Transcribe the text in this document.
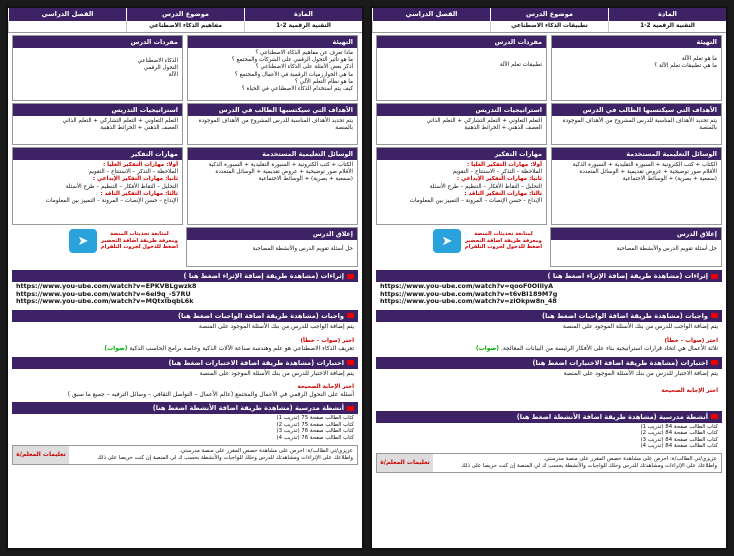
المادة
موضوع الدرس
الفصل الدراسي
التقنية الرقمية 2-1
مفاهيم الذكاء الاصطناعي
التهيئة
ماذا تعرف عن مفاهيم الذكاء الاصطناعي ؟
ما هو تأثير التحول الرقمي على الشركات والمجتمع ؟
أذكر بعض الأمثلة على الذكاء الاصطناعي ؟
ما هي الخوارزميات الرقمية في الأعمال والمجتمع ؟
ما هو نظام التعلم الآلي ؟
كيف يتم استخدام الذكاء الاصطناعي في الحياة ؟
مفردات الدرس
الذكاء الاصطناعي
التحول الرقمي
الآلة
الأهداف التي سيكتسبها الطالب في الدرس
يتم تحديد الأهداف المناسبة للدرس المشروح من الأهداف الموجودة بالمنصة
استراتيجيات التدريس
التعلم التعاوني + التعلم التشاركي + التعلم الذاتي
العصف الذهني + الخرائط الذهنية
الوسائل التعليمية المستخدمة
الكتاب + كتب الكترونية + السبورة التقليدية + السبورة الذكية
الأقلام صور توضيحية + عروض تقديمية + الوسائل المتعددة
(سمعية + بصرية) + الوسائط الاجتماعية
مهارات التفكير
أولا: مهارات التفكير العليا :
الملاحظة – التذكر – الاستنتاج – التقويم
ثانيا: مهارات التفكير الإبداعي :
التحليل – التقاط الأفكار – التنظيم – طرح الأسئلة
ثالثا: مهارات التفكير الناقد :
الإبداع – حسن الإنصات – المرونة – التمييز بين المعلومات
إغلاق الدرس
حل أسئلة تقويم الدرس والأنشطة المصاحبة
لمتابعة تحديثات المنصة
ومعرفة طريقة اضافة التحضير
اضغط للدخول لجروب التلقرام
➤
إثراءات (مشاهدة طريقة إضافة الإثراء اضغط هنا )
https://www.you-ube.com/watch?v=EPKVBLgwzk8
https://www.you-ube.com/watch?v=6ei9q_-S7RU
https://www.you-ube.com/watch?v=MQtxIbqbL6k
واجبات (مشاهدة طريقة اضافة الواجبات اضغط هنا)
يتم إضافة الواجب للدرس من بنك الأسئلة الموجود على المنصة
اختر (صواب – خطأ)
تعريف الذكاء الاصطناعي هو علم وهندسة صناعة الآلات الذكية وخاصة برامج الحاسب الذكية (صواب)
اختبارات (مشاهدة طريقة اضافة الاختبارات اضغط هنا)
يتم إضافة الاختبار للدرس من بنك الأسئلة الموجود على المنصة
اختر الإجابة الصحيحة
أسئلة على التحول الرقمي في الأعمال والمجتمع (عالم الأعمال – التواصل الثقافي – وسائل الترفيه – جميع ما سبق )
أنشطة مدرسية (مشاهدة طريقة اضافة الأنشطة اضغط هنا)
كتاب الطالب صفحة 75 (تدريب 1)
كتاب الطالب صفحة 75 (تدريب 2)
كتاب الطالب صفحة 76 (تدريب 3)
كتاب الطالب صفحة 76 (تدريب 4)
عزيزي/تي الطالب/ة: احرص على مشاهدة حصص المقرر على منصة مدرستي.
واطلاعك على الإثراءات ومشاهدتك للدرس وحلك للواجبات والأنشطة بحسب ك لي المنصة إن كنت حريصا على ذلك
تعليمات المعلم/ة
المادة
موضوع الدرس
الفصل الدراسي
التقنية الرقمية 2-1
تطبيقات الذكاء الاصطناعي
التهيئة
ما هو تعلم الآلة
ما هي تطبيقات تعلم الآلة ؟
مفردات الدرس
تطبيقات تعلم الآلة
الأهداف التي سيكتسبها الطالب في الدرس
يتم تحديد الأهداف المناسبة للدرس المشروح من الأهداف الموجودة بالمنصة
استراتيجيات التدريس
التعلم التعاوني + التعلم التشاركي + التعلم الذاتي
العصف الذهني + الخرائط الذهنية
الوسائل التعليمية المستخدمة
الكتاب + كتب الكترونية + السبورة التقليدية + السبورة الذكية
الأقلام صور توضيحية + عروض تقديمية + الوسائل المتعددة
(سمعية + بصرية) + الوسائط الاجتماعية
مهارات التفكير
أولا: مهارات التفكير العليا :
الملاحظة – التذكر – الاستنتاج – التقويم
ثانيا: مهارات التفكير الإبداعي :
التحليل – التقاط الأفكار – التنظيم – طرح الأسئلة
ثالثا: مهارات التفكير الناقد :
الإبداع – حسن الإنصات – المرونة – التمييز بين المعلومات
إغلاق الدرس
حل أسئلة تقويم الدرس والأنشطة المصاحبة
لمتابعة تحديثات المنصة
ومعرفة طريقة اضافة التحضير
اضغط للدخول لجروب التلقرام
➤
إثراءات (مشاهدة طريقة إضافة الإثراء اضغط هنا )
https://www.you-ube.com/watch?v=qooF0OIllyA
https://www.you-ube.com/watch?v=t6vBI189M7g
https://www.you-ube.com/watch?v=ziOkpw8n_48
واجبات (مشاهدة طريقة اضافة الواجبات اضغط هنا)
يتم إضافة الواجب للدرس من بنك الأسئلة الموجود على المنصة
اختر (صواب – خطأ)
ثلاثة الأعمال هي اتخاذ قرارات استراتيجية بناء على الأفكار الرئيسة من البيانات المعالجة. (صواب)
اختبارات (مشاهدة طريقة اضافة الاختبارات اضغط هنا)
يتم إضافة الاختبار للدرس من بنك الأسئلة الموجود على المنصة
اختر الإجابة الصحيحة
أنشطة مدرسية (مشاهدة طريقة اضافة الأنشطة اضغط هنا)
كتاب الطالب صفحة 84 (تدريب 1)
كتاب الطالب صفحة 84 (تدريب 2)
كتاب الطالب صفحة 84 (تدريب 3)
كتاب الطالب صفحة 84 (تدريب 4)
عزيزي/تي الطالب/ة: احرص على مشاهدة حصص المقرر على منصة مدرستي.
واطلاعك على الإثراءات ومشاهدتك للدرس وحلك للواجبات والأنشطة بحسب ك لي المنصة إن كنت حريصا على ذلك
تعليمات المعلم/ة
